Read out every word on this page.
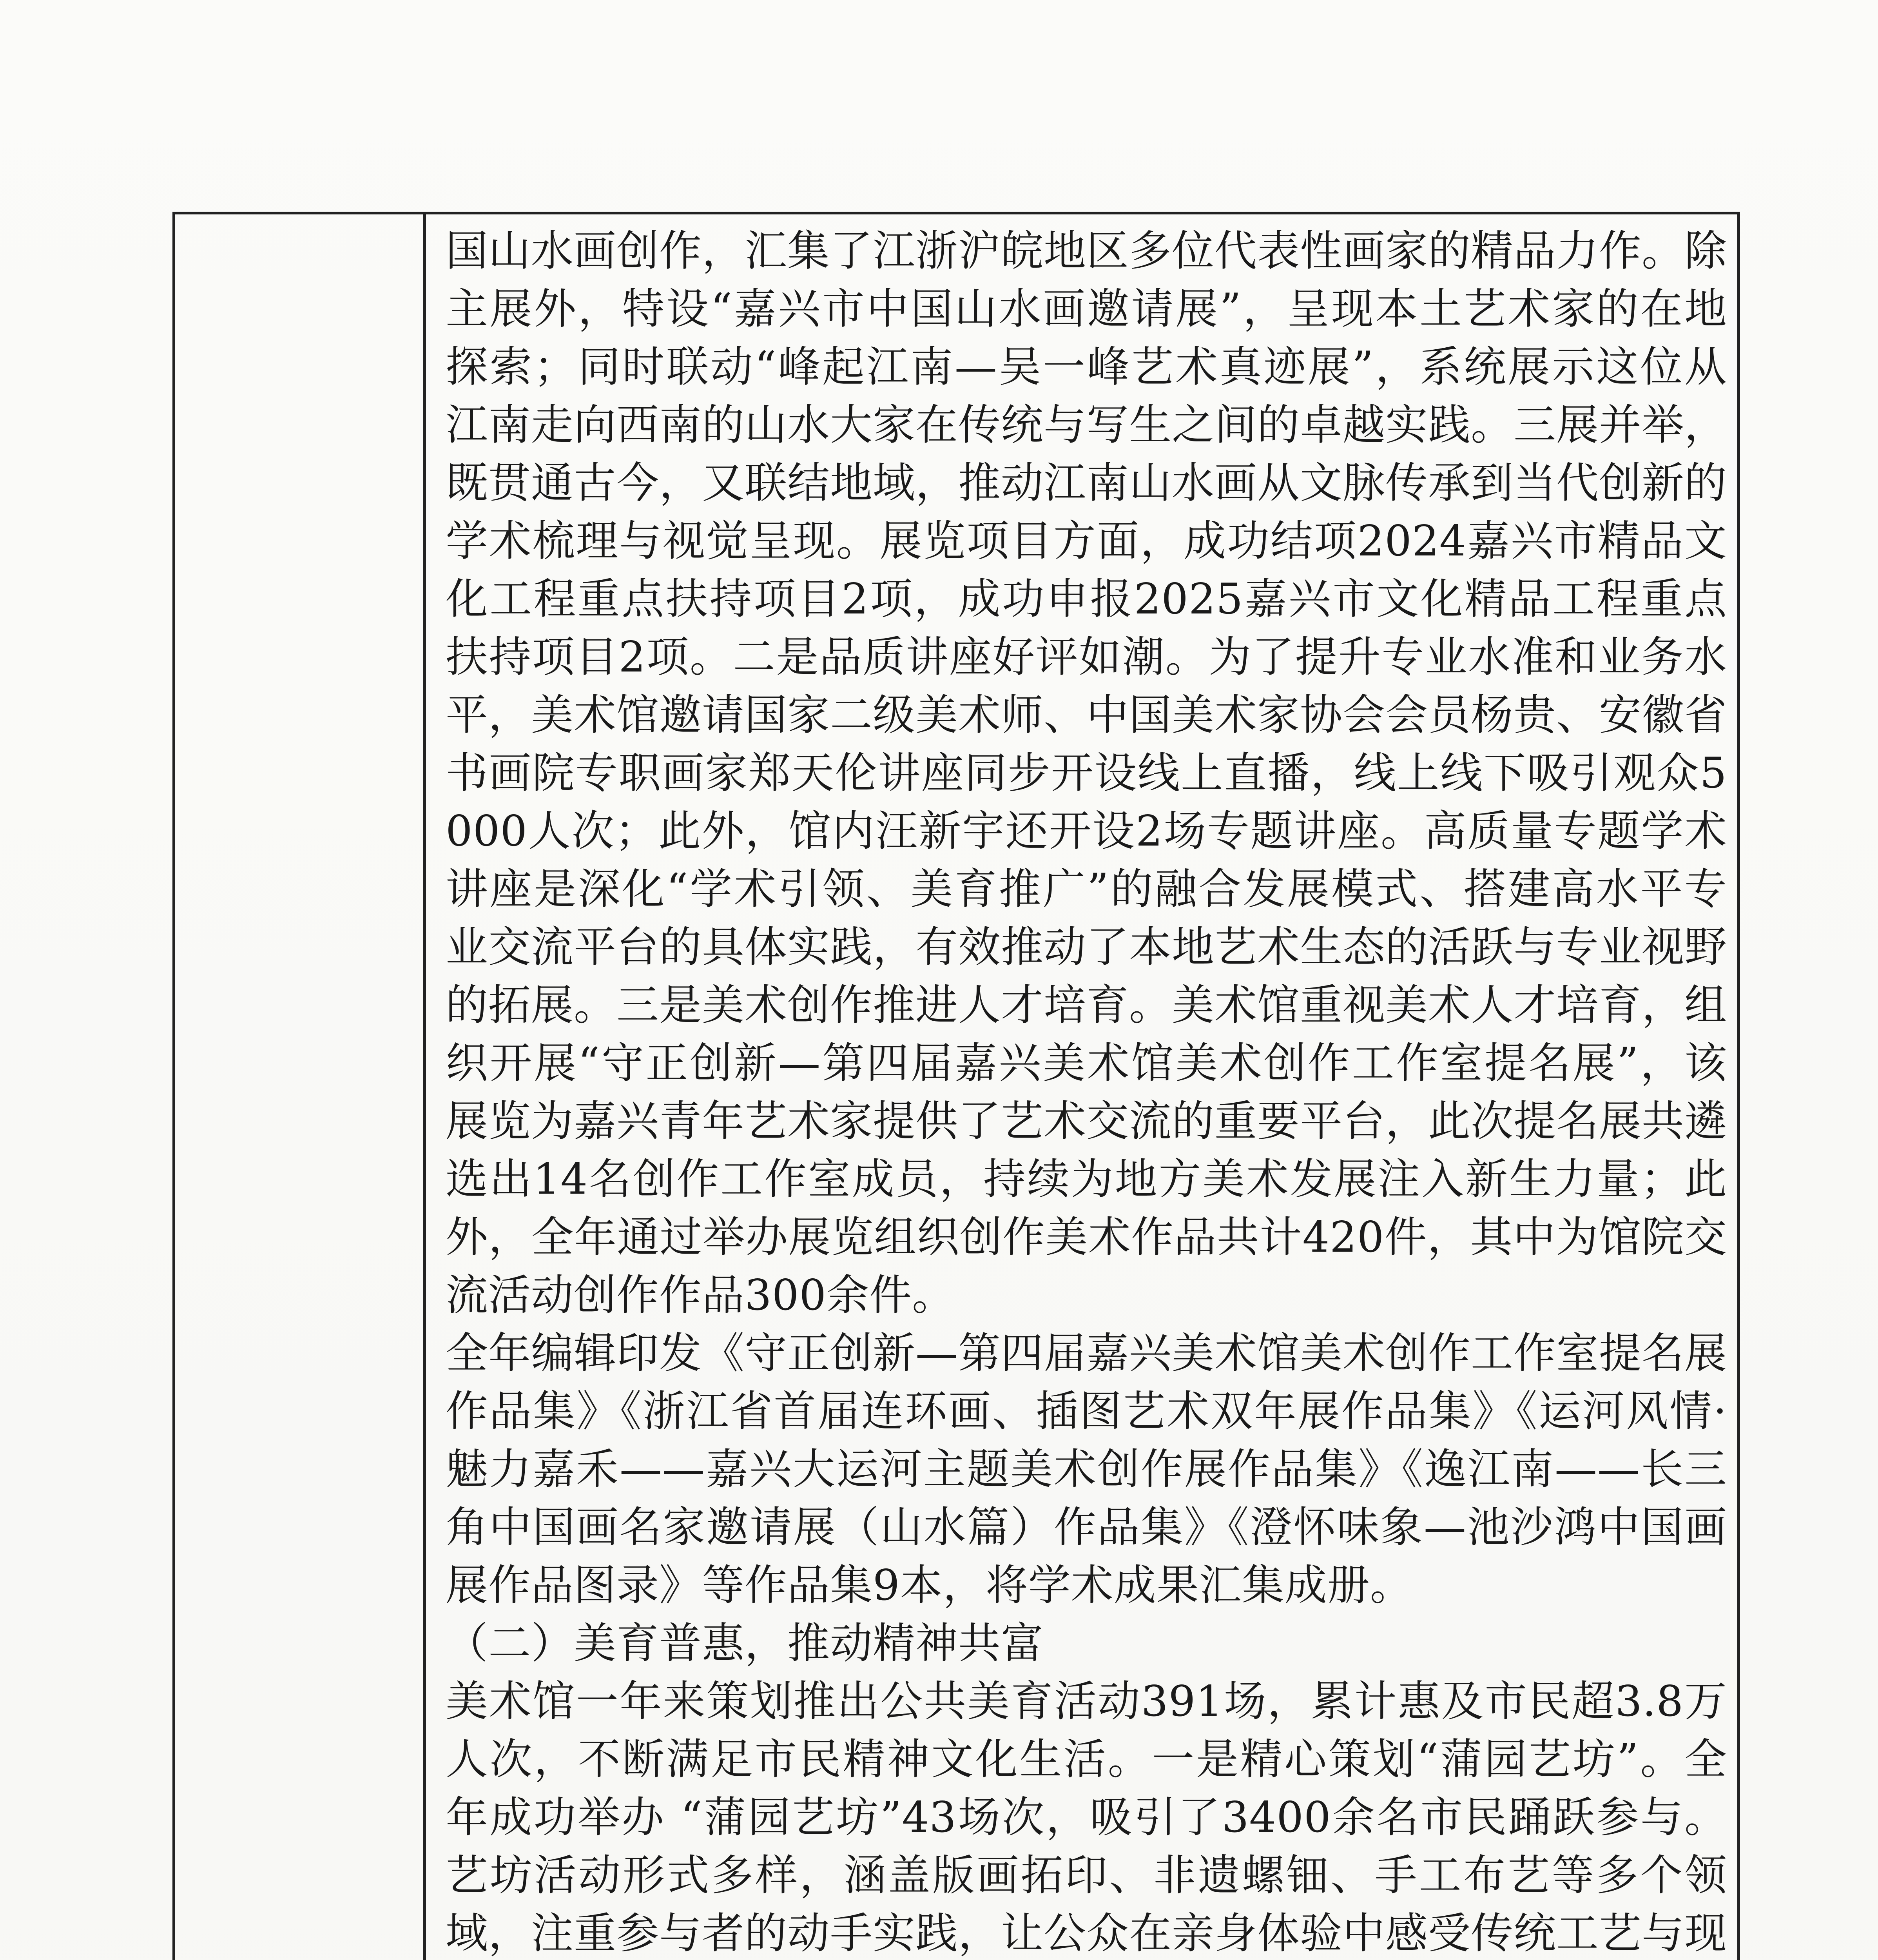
国山水画创作，汇集了江浙沪皖地区多位代表性画家的精品力作。除主展外，特设“嘉兴市中国山水画邀请展”，呈现本土艺术家的在地探索；同时联动“峰起江南—吴一峰艺术真迹展”，系统展示这位从江南走向西南的山水大家在传统与写生之间的卓越实践。三展并举，既贯通古今，又联结地域，推动江南山水画从文脉传承到当代创新的学术梳理与视觉呈现。展览项目方面，成功结项2024嘉兴市精品文化工程重点扶持项目2项，成功申报2025嘉兴市文化精品工程重点扶持项目2项。二是品质讲座好评如潮。为了提升专业水准和业务水平，美术馆邀请国家二级美术师、中国美术家协会会员杨贵、安徽省书画院专职画家郑天伦讲座同步开设线上直播，线上线下吸引观众5000人次；此外，馆内汪新宇还开设2场专题讲座。高质量专题学术讲座是深化“学术引领、美育推广”的融合发展模式、搭建高水平专业交流平台的具体实践，有效推动了本地艺术生态的活跃与专业视野的拓展。三是美术创作推进人才培育。美术馆重视美术人才培育，组织开展“守正创新—第四届嘉兴美术馆美术创作工作室提名展”，该展览为嘉兴青年艺术家提供了艺术交流的重要平台，此次提名展共遴选出14名创作工作室成员，持续为地方美术发展注入新生力量；此外，全年通过举办展览组织创作美术作品共计420件，其中为馆院交流活动创作作品300余件。

全年编辑印发《守正创新—第四届嘉兴美术馆美术创作工作室提名展作品集》《浙江省首届连环画、插图艺术双年展作品集》《运河风情·魅力嘉禾——嘉兴大运河主题美术创作展作品集》《逸江南——长三角中国画名家邀请展（山水篇）作品集》《澄怀味象—池沙鸿中国画展作品图录》等作品集9本，将学术成果汇集成册。

（二）美育普惠，推动精神共富

美术馆一年来策划推出公共美育活动391场，累计惠及市民超3.8万人次，不断满足市民精神文化生活。一是精心策划“蒲园艺坊”。全年成功举办 “蒲园艺坊”43场次，吸引了3400余名市民踊跃参与。艺坊活动形式多样，涵盖版画拓印、非遗螺钿、手工布艺等多个领域，注重参与者的动手实践，让公众在亲身体验中感受传统工艺与现
